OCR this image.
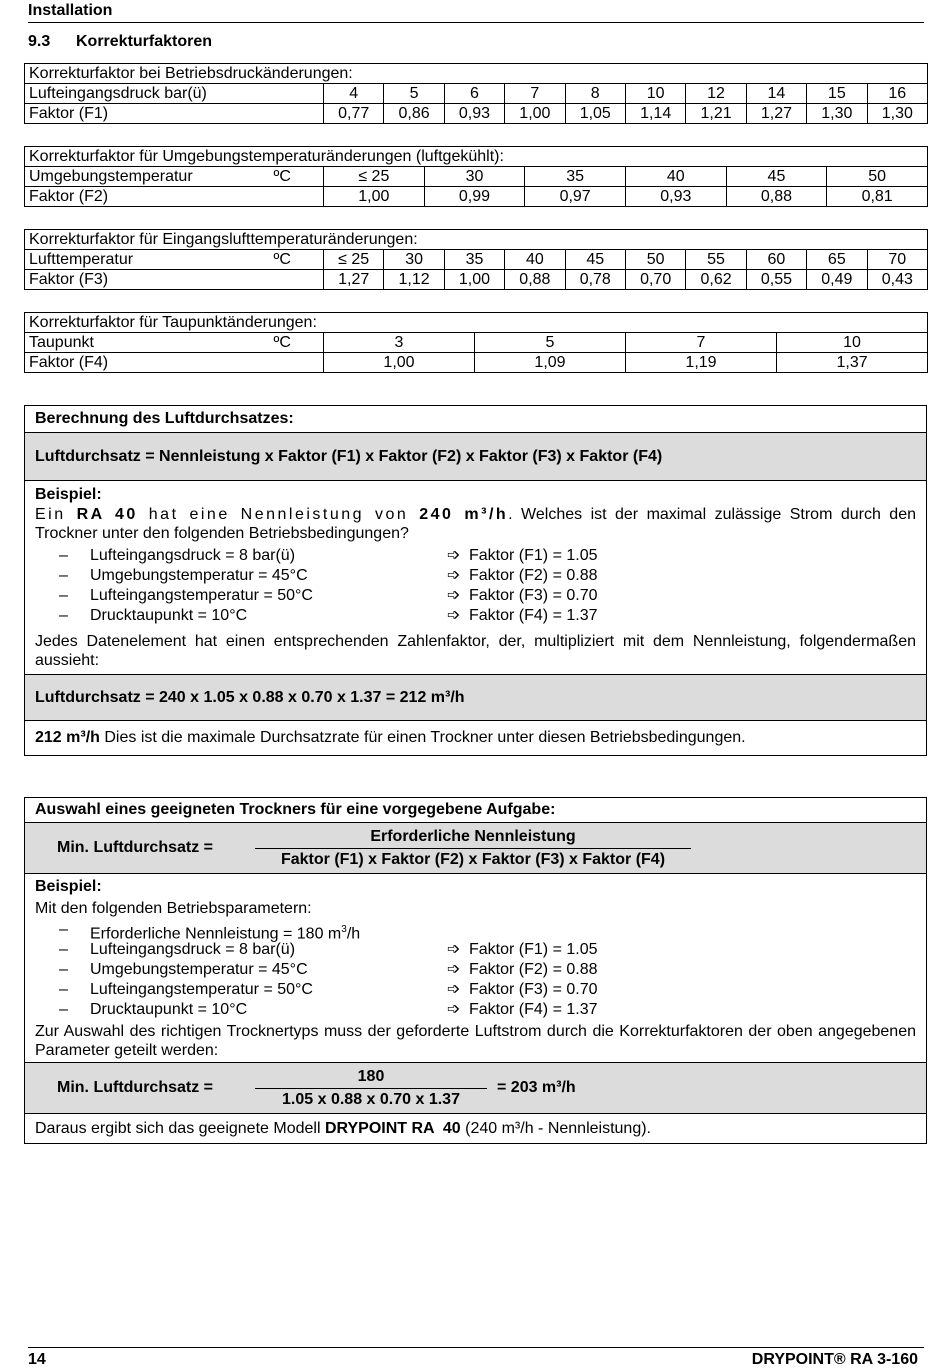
Installation
9.3 Korrekturfaktoren
Korrekturfaktor bei Betriebsdruckänderungen:										
Lufteingangsdruck bar(ü)	4	5	6	7	8	10	12	14	15	16
Faktor (F1)	0,77	0,86	0,93	1,00	1,05	1,14	1,21	1,27	1,30	1,30
Korrekturfaktor für Umgebungstemperaturänderungen (luftgekühlt):							
Umgebungstemperatur	ºC	≤ 25	30	35	40	45	50
Faktor (F2)		1,00	0,99	0,97	0,93	0,88	0,81
Korrekturfaktor für Eingangslufttemperaturänderungen:											
Lufttemperatur	ºC	≤ 25	30	35	40	45	50	55	60	65	70
Faktor (F3)		1,27	1,12	1,00	0,88	0,78	0,70	0,62	0,55	0,49	0,43
Korrekturfaktor für Taupunktänderungen:					
Taupunkt	ºC	3	5	7	10
Faktor (F4)		1,00	1,09	1,19	1,37
Berechnung des Luftdurchsatzes:
Luftdurchsatz = Nennleistung x Faktor (F1) x Faktor (F2) x Faktor (F3) x Faktor (F4)
Beispiel:
Ein RA 40 hat eine Nennleistung von 240 m³/h. Welches ist der maximal zulässige Strom durch den Trockner unter den folgenden Betriebsbedingungen?
–	Lufteingangsdruck = 8 bar(ü)	➩ Faktor (F1) = 1.05
–	Umgebungstemperatur = 45°C	➩ Faktor (F2) = 0.88
–	Lufteingangstemperatur = 50°C	➩ Faktor (F3) = 0.70
–	Drucktaupunkt = 10°C	➩ Faktor (F4) = 1.37
Jedes Datenelement hat einen entsprechenden Zahlenfaktor, der, multipliziert mit dem Nennleistung, folgendermaßen aussieht:
Luftdurchsatz = 240 x 1.05 x 0.88 x 0.70 x 1.37 = 212 m³/h
212 m³/h Dies ist die maximale Durchsatzrate für einen Trockner unter diesen Betriebsbedingungen.
Auswahl eines geeigneten Trockners für eine vorgegebene Aufgabe:
Min. Luftdurchsatz =
Erforderliche Nennleistung
Faktor (F1) x Faktor (F2) x Faktor (F3) x Faktor (F4)
Beispiel:
Mit den folgenden Betriebsparametern:
–	Erforderliche Nennleistung = 180 $m^3/h$
–	Lufteingangsdruck = 8 bar(ü)	➩ Faktor (F1) = 1.05
–	Umgebungstemperatur = 45°C	➩ Faktor (F2) = 0.88
–	Lufteingangstemperatur = 50°C	➩ Faktor (F3) = 0.70
–	Drucktaupunkt = 10°C	➩ Faktor (F4) = 1.37
Zur Auswahl des richtigen Trocknertyps muss der geforderte Luftstrom durch die Korrekturfaktoren der oben angegebenen Parameter geteilt werden:
Min. Luftdurchsatz =
180
1.05 x 0.88 x 0.70 x 1.37
= 203 m³/h
Daraus ergibt sich das geeignete Modell DRYPOINT RA  40 (240 m³/h - Nennleistung).
14	DRYPOINT® RA 3-160
